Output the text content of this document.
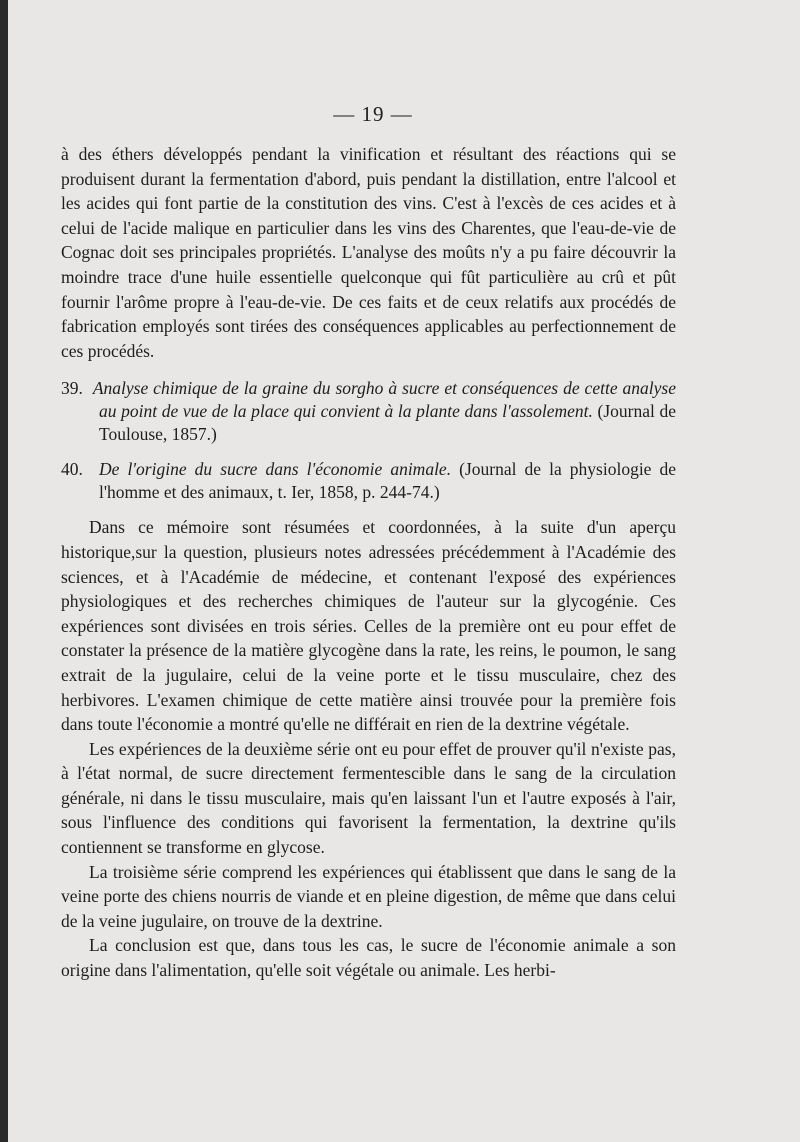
— 19 —

à des éthers développés pendant la vinification et résultant des réactions qui se produisent durant la fermentation d'abord, puis pendant la distillation, entre l'alcool et les acides qui font partie de la constitution des vins. C'est à l'excès de ces acides et à celui de l'acide malique en particulier dans les vins des Charentes, que l'eau-de-vie de Cognac doit ses principales propriétés. L'analyse des moûts n'y a pu faire découvrir la moindre trace d'une huile essentielle quelconque qui fût particulière au crû et pût fournir l'arôme propre à l'eau-de-vie. De ces faits et de ceux relatifs aux procédés de fabrication employés sont tirées des conséquences applicables au perfectionnement de ces procédés.

39. Analyse chimique de la graine du sorgho à sucre et conséquences de cette analyse au point de vue de la place qui convient à la plante dans l'assolement. (Journal de Toulouse, 1857.)

40. De l'origine du sucre dans l'économie animale. (Journal de la physiologie de l'homme et des animaux, t. Ier, 1858, p. 244-74.)

Dans ce mémoire sont résumées et coordonnées, à la suite d'un aperçu historique,sur la question, plusieurs notes adressées précédemment à l'Académie des sciences, et à l'Académie de médecine, et contenant l'exposé des expériences physiologiques et des recherches chimiques de l'auteur sur la glycogénie. Ces expériences sont divisées en trois séries. Celles de la première ont eu pour effet de constater la présence de la matière glycogène dans la rate, les reins, le poumon, le sang extrait de la jugulaire, celui de la veine porte et le tissu musculaire, chez des herbivores. L'examen chimique de cette matière ainsi trouvée pour la première fois dans toute l'économie a montré qu'elle ne différait en rien de la dextrine végétale.

Les expériences de la deuxième série ont eu pour effet de prouver qu'il n'existe pas, à l'état normal, de sucre directement fermentescible dans le sang de la circulation générale, ni dans le tissu musculaire, mais qu'en laissant l'un et l'autre exposés à l'air, sous l'influence des conditions qui favorisent la fermentation, la dextrine qu'ils contiennent se transforme en glycose.

La troisième série comprend les expériences qui établissent que dans le sang de la veine porte des chiens nourris de viande et en pleine digestion, de même que dans celui de la veine jugulaire, on trouve de la dextrine.

La conclusion est que, dans tous les cas, le sucre de l'économie animale a son origine dans l'alimentation, qu'elle soit végétale ou animale. Les herbi-
